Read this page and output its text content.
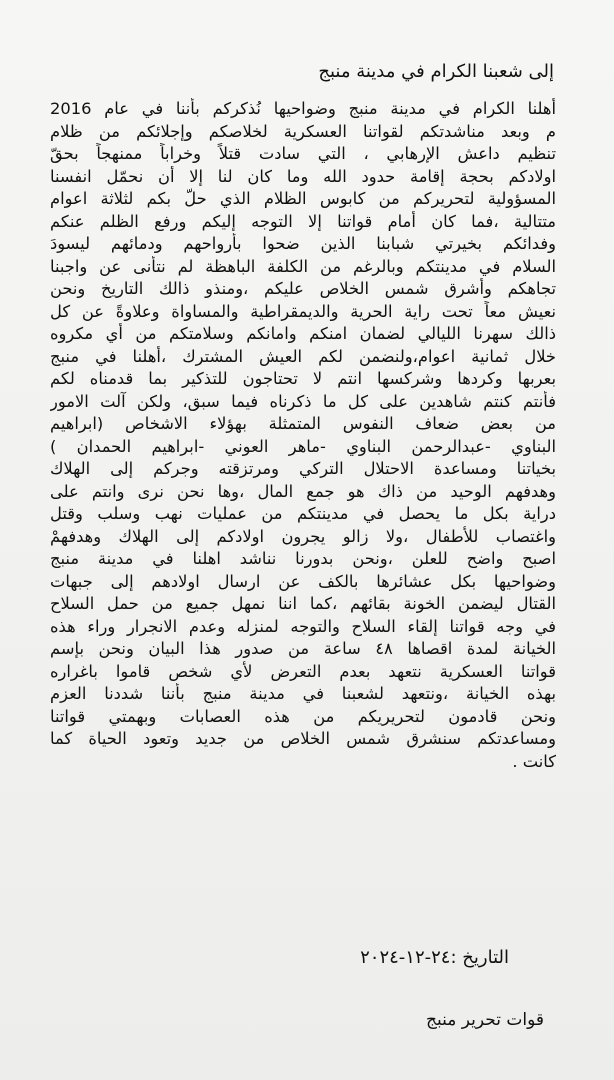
إلى شعبنا الكرام في مدينة منبج
أهلنا الكرام في مدينة منبج وضواحيها نُذكركم بأننا في عام 2016
م وبعد مناشدتكم لقواتنا العسكرية لخلاصكم وإجلائكم من ظلام
تنظيم داعش الإرهابي ، التي سادت قتلاً وخراباً ممنهجاً بحقّ
اولادكم بحجة إقامة حدود الله وما كان لنا إلا أن نحمّل انفسنا
المسؤولية لتحريركم من كابوس الظلام الذي حلّ بكم لثلاثة اعوام
متتالية ،فما كان أمام قواتنا إلا التوجه إليكم ورفع الظلم عنكم
وفدائكم بخيرتي شبابنا الذين ضحوا بأرواحهم ودمائهم ليسودَ
السلام في مدينتكم وبالرغم من الكلفة الباهظة لم نتأنى عن واجبنا
تجاهكم وأشرق شمس الخلاص عليكم ،ومنذو ذالك التاريخ ونحن
نعيش معاً تحت راية الحرية والديمقراطية والمساواة وعلاوةً عن كل
ذالك سهرنا الليالي لضمان امنكم وامانكم وسلامتكم من أي مكروه
خلال ثمانية اعوام،ولنضمن لكم العيش المشترك ،أهلنا في منبج
بعربها وكردها وشركسها انتم لا تحتاجون للتذكير بما قدمناه لكم
فأنتم كنتم شاهدين على كل ما ذكرناه فيما سبق، ولكن آلت الامور
من بعض ضعاف النفوس المتمثلة بهؤلاء الاشخاص (ابراهيم
البناوي -عبدالرحمن البناوي -ماهر العوني -ابراهيم الحمدان )
بخياتنا ومساعدة الاحتلال التركي ومرتزقته وجركم إلى الهلاك
وهدفهم الوحيد من ذاك هو جمع المال ،وها نحن نرى وانتم على
دراية بكل ما يحصل في مدينتكم من عمليات نهب وسلب وقتل
واغتصاب للأطفال ،ولا زالو يجرون اولادكم إلى الهلاك وهدفهمْ
اصبح واضح للعلن ،ونحن بدورنا نناشد اهلنا في مدينة منبج
وضواحيها بكل عشائرها بالكف عن ارسال اولادهم إلى جبهات
القتال ليضمن الخونة بقائهم ،كما اننا نمهل جميع من حمل السلاح
في وجه قواتنا إلقاء السلاح والتوجه لمنزله وعدم الانجرار وراء هذه
الخيانة لمدة اقصاها ٤٨ ساعة من صدور هذا البيان ونحن بإسم
قواتنا العسكرية نتعهد بعدم التعرض لأي شخص قاموا باغراره
بهذه الخيانة ،ونتعهد لشعبنا في مدينة منبج بأننا شددنا العزم
ونحن قادمون لتحريريكم من هذه العصابات وبهمتي قواتنا
ومساعدتكم سنشرق شمس الخلاص من جديد وتعود الحياة كما
كانت .
التاريخ :٢٤-١٢-٢٠٢٤
قوات تحرير منبج
